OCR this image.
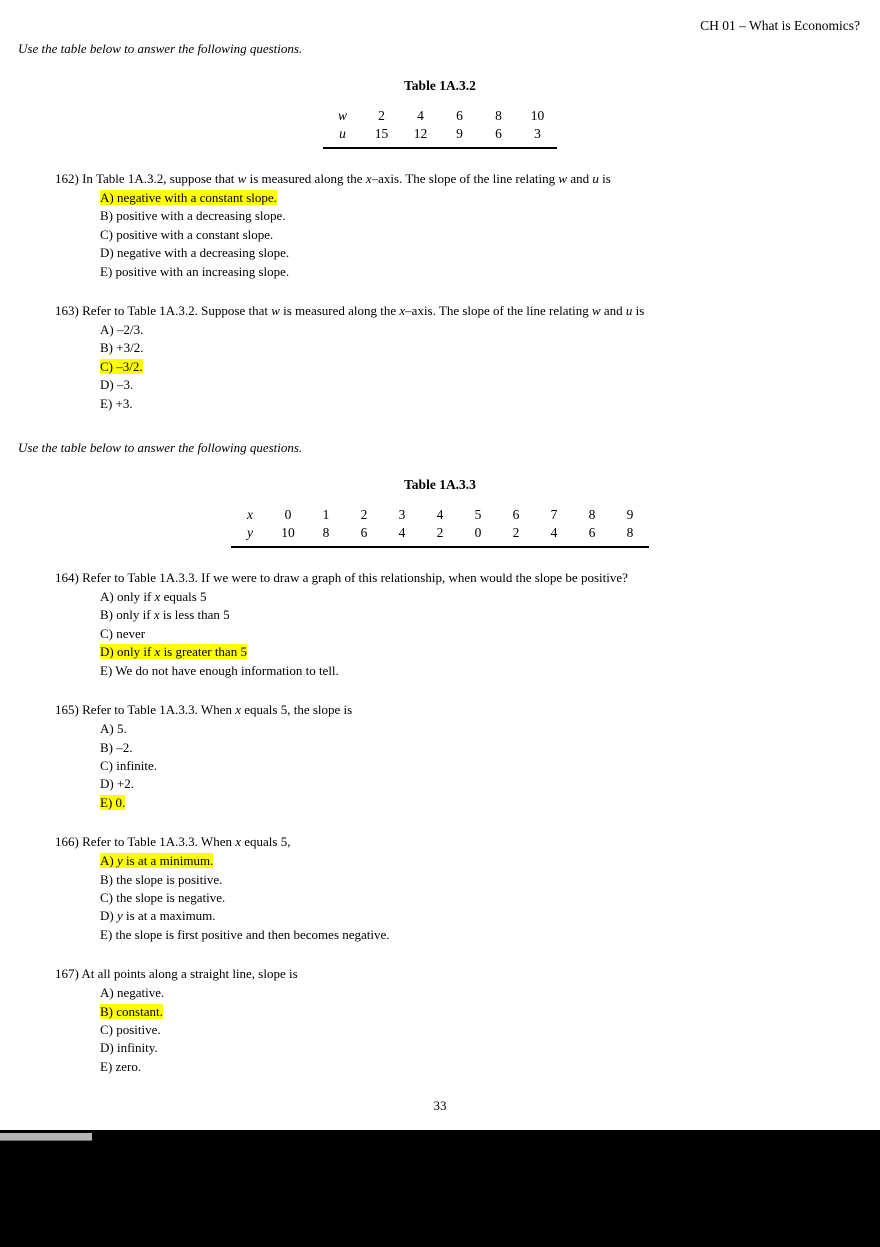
CH 01 – What is Economics?
Use the table below to answer the following questions.
Table 1A.3.2
w	2	4	6	8	10
u	15	12	9	6	3
162) In Table 1A.3.2, suppose that w is measured along the x–axis. The slope of the line relating w and u is
A) negative with a constant slope.
B) positive with a decreasing slope.
C) positive with a constant slope.
D) negative with a decreasing slope.
E) positive with an increasing slope.
163) Refer to Table 1A.3.2. Suppose that w is measured along the x–axis. The slope of the line relating w and u is
A) –2/3.
B) +3/2.
C) –3/2.
D) –3.
E) +3.
Use the table below to answer the following questions.
Table 1A.3.3
x	0	1	2	3	4	5	6	7	8	9
y	10	8	6	4	2	0	2	4	6	8
164) Refer to Table 1A.3.3. If we were to draw a graph of this relationship, when would the slope be positive?
A) only if x equals 5
B) only if x is less than 5
C) never
D) only if x is greater than 5
E) We do not have enough information to tell.
165) Refer to Table 1A.3.3. When x equals 5, the slope is
A) 5.
B) –2.
C) infinite.
D) +2.
E) 0.
166) Refer to Table 1A.3.3. When x equals 5,
A) y is at a minimum.
B) the slope is positive.
C) the slope is negative.
D) y is at a maximum.
E) the slope is first positive and then becomes negative.
167) At all points along a straight line, slope is
A) negative.
B) constant.
C) positive.
D) infinity.
E) zero.
33
